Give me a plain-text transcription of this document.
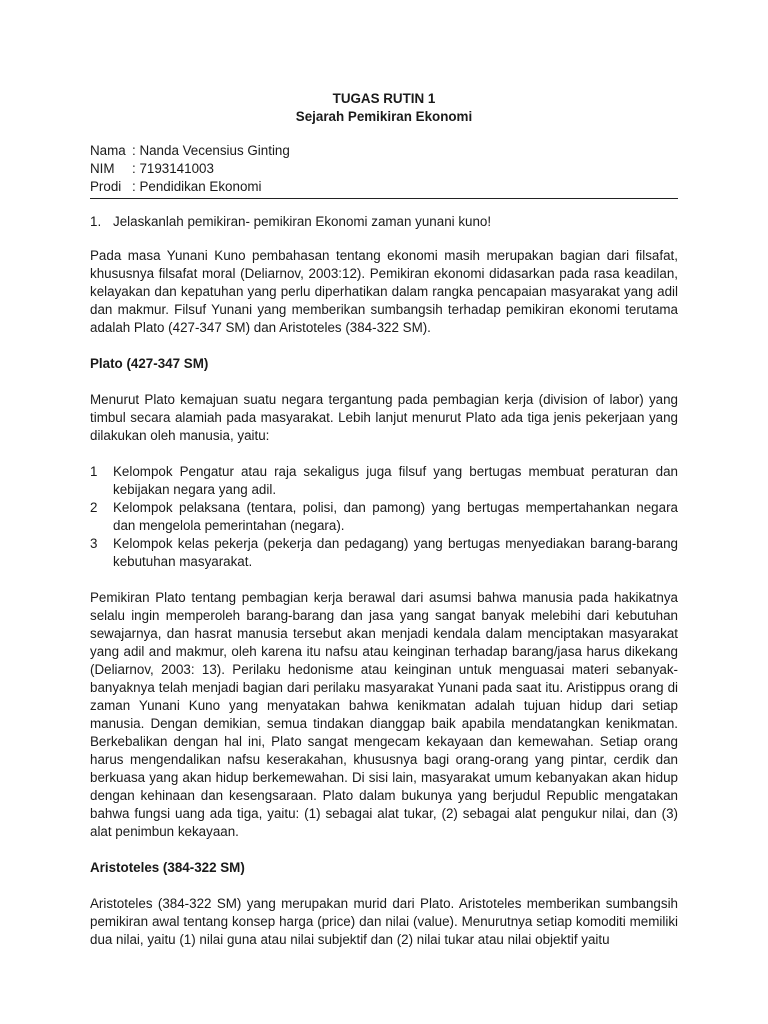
TUGAS RUTIN 1

Sejarah Pemikiran Ekonomi

Nama : Nanda Vecensius Ginting
NIM	: 7193141003
Prodi : Pendidikan Ekonomi
1. Jelaskanlah pemikiran- pemikiran Ekonomi zaman yunani kuno!

Pada masa Yunani Kuno pembahasan tentang ekonomi masih merupakan bagian dari filsafat, khususnya filsafat moral (Deliarnov, 2003:12). Pemikiran ekonomi didasarkan pada rasa keadilan, kelayakan dan kepatuhan yang perlu diperhatikan dalam rangka pencapaian masyarakat yang adil dan makmur. Filsuf Yunani yang memberikan sumbangsih terhadap pemikiran ekonomi terutama adalah Plato (427-347 SM) dan Aristoteles (384-322 SM).

Plato (427-347 SM)

Menurut Plato kemajuan suatu negara tergantung pada pembagian kerja (division of labor) yang timbul secara alamiah pada masyarakat. Lebih lanjut menurut Plato ada tiga jenis pekerjaan yang dilakukan oleh manusia, yaitu:

1	Kelompok Pengatur atau raja sekaligus juga filsuf yang bertugas membuat peraturan dan kebijakan negara yang adil.
2	Kelompok pelaksana (tentara, polisi, dan pamong) yang bertugas mempertahankan negara dan mengelola pemerintahan (negara).
3	Kelompok kelas pekerja (pekerja dan pedagang) yang bertugas menyediakan barang-barang kebutuhan masyarakat.

Pemikiran Plato tentang pembagian kerja berawal dari asumsi bahwa manusia pada hakikatnya selalu ingin memperoleh barang-barang dan jasa yang sangat banyak melebihi dari kebutuhan sewajarnya, dan hasrat manusia tersebut akan menjadi kendala dalam menciptakan masyarakat yang adil and makmur, oleh karena itu nafsu atau keinginan terhadap barang/jasa harus dikekang (Deliarnov, 2003: 13). Perilaku hedonisme atau keinginan untuk menguasai materi sebanyak-banyaknya telah menjadi bagian dari perilaku masyarakat Yunani pada saat itu. Aristippus orang di zaman Yunani Kuno yang menyatakan bahwa kenikmatan adalah tujuan hidup dari setiap manusia. Dengan demikian, semua tindakan dianggap baik apabila mendatangkan kenikmatan. Berkebalikan dengan hal ini, Plato sangat mengecam kekayaan dan kemewahan. Setiap orang harus mengendalikan nafsu keserakahan, khususnya bagi orang-orang yang pintar, cerdik dan berkuasa yang akan hidup berkemewahan. Di sisi lain, masyarakat umum kebanyakan akan hidup dengan kehinaan dan kesengsaraan. Plato dalam bukunya yang berjudul Republic mengatakan bahwa fungsi uang ada tiga, yaitu: (1) sebagai alat tukar, (2) sebagai alat pengukur nilai, dan (3) alat penimbun kekayaan.

Aristoteles (384-322 SM)

Aristoteles (384-322 SM) yang merupakan murid dari Plato. Aristoteles memberikan sumbangsih pemikiran awal tentang konsep harga (price) dan nilai (value). Menurutnya setiap komoditi memiliki dua nilai, yaitu (1) nilai guna atau nilai subjektif dan (2) nilai tukar atau nilai objektif yaitu
